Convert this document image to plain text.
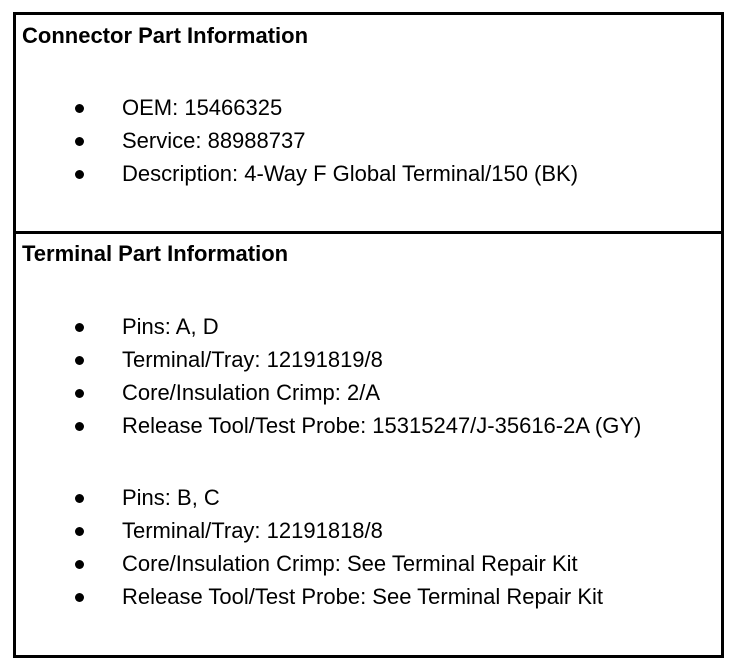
Connector Part Information
OEM: 15466325
Service: 88988737
Description: 4-Way F Global Terminal/150 (BK)
Terminal Part Information
Pins: A, D
Terminal/Tray: 12191819/8
Core/Insulation Crimp: 2/A
Release Tool/Test Probe: 15315247/J-35616-2A (GY)
Pins: B, C
Terminal/Tray: 12191818/8
Core/Insulation Crimp: See Terminal Repair Kit
Release Tool/Test Probe: See Terminal Repair Kit
